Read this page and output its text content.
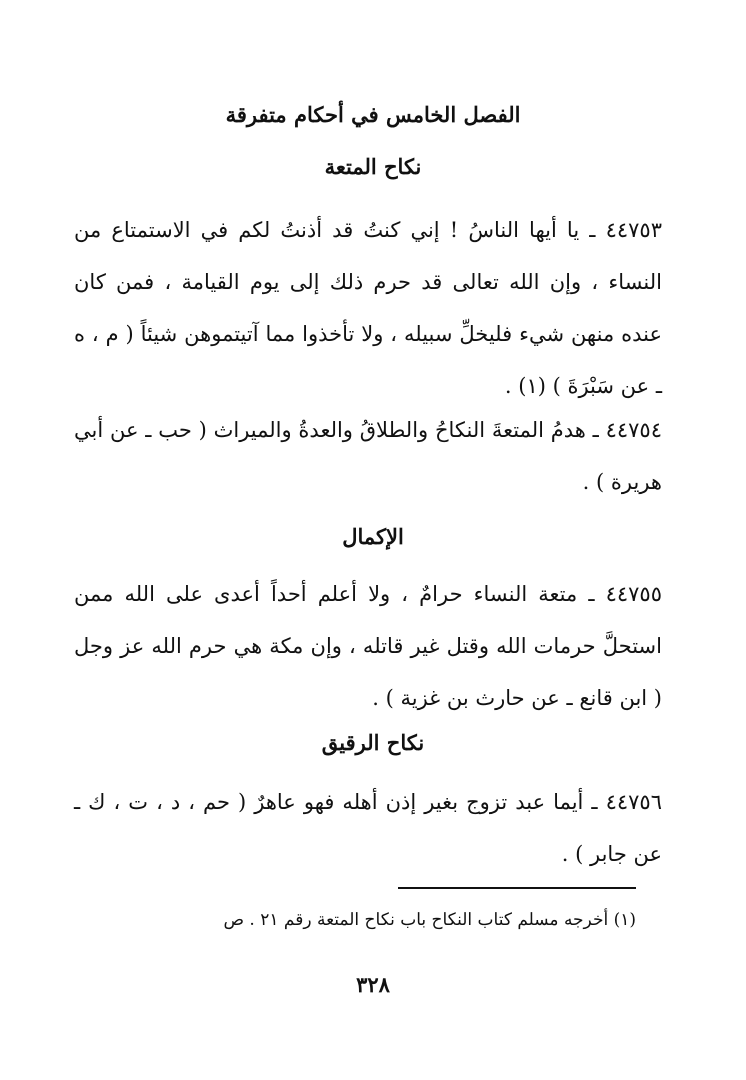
الفصل الخامس في أحكام متفرقة
نكاح المتعة

٤٤٧٥٣ ـ يا أيها الناسُ ! إني كنتُ قد أذنتُ لكم في الاستمتاع من النساء ، وإن الله تعالى قد حرم ذلك إلى يوم القيامة ، فمن كان عنده منهن شيء فليخلِّ سبيله ، ولا تأخذوا مما آتيتموهن شيئاً ( م ، ه ـ عن سَبْرَةَ ) (١) .

٤٤٧٥٤ ـ هدمُ المتعةَ النكاحُ والطلاقُ والعدةُ والميراث ( حب ـ عن أبي هريرة ) .

الإكمال

٤٤٧٥٥ ـ متعة النساء حرامٌ ، ولا أعلم أحداً أعدى على الله ممن استحلَّ حرمات الله وقتل غير قاتله ، وإن مكة هي حرم الله عز وجل ( ابن قانع ـ عن حارث بن غزية ) .

نكاح الرقيق

٤٤٧٥٦ ـ أيما عبد تزوج بغير إذن أهله فهو عاهرٌ ( حم ، د ، ت ، ك ـ عن جابر ) .

(١) أخرجه مسلم كتاب النكاح باب نكاح المتعة رقم ٢١ . ص

٣٢٨
